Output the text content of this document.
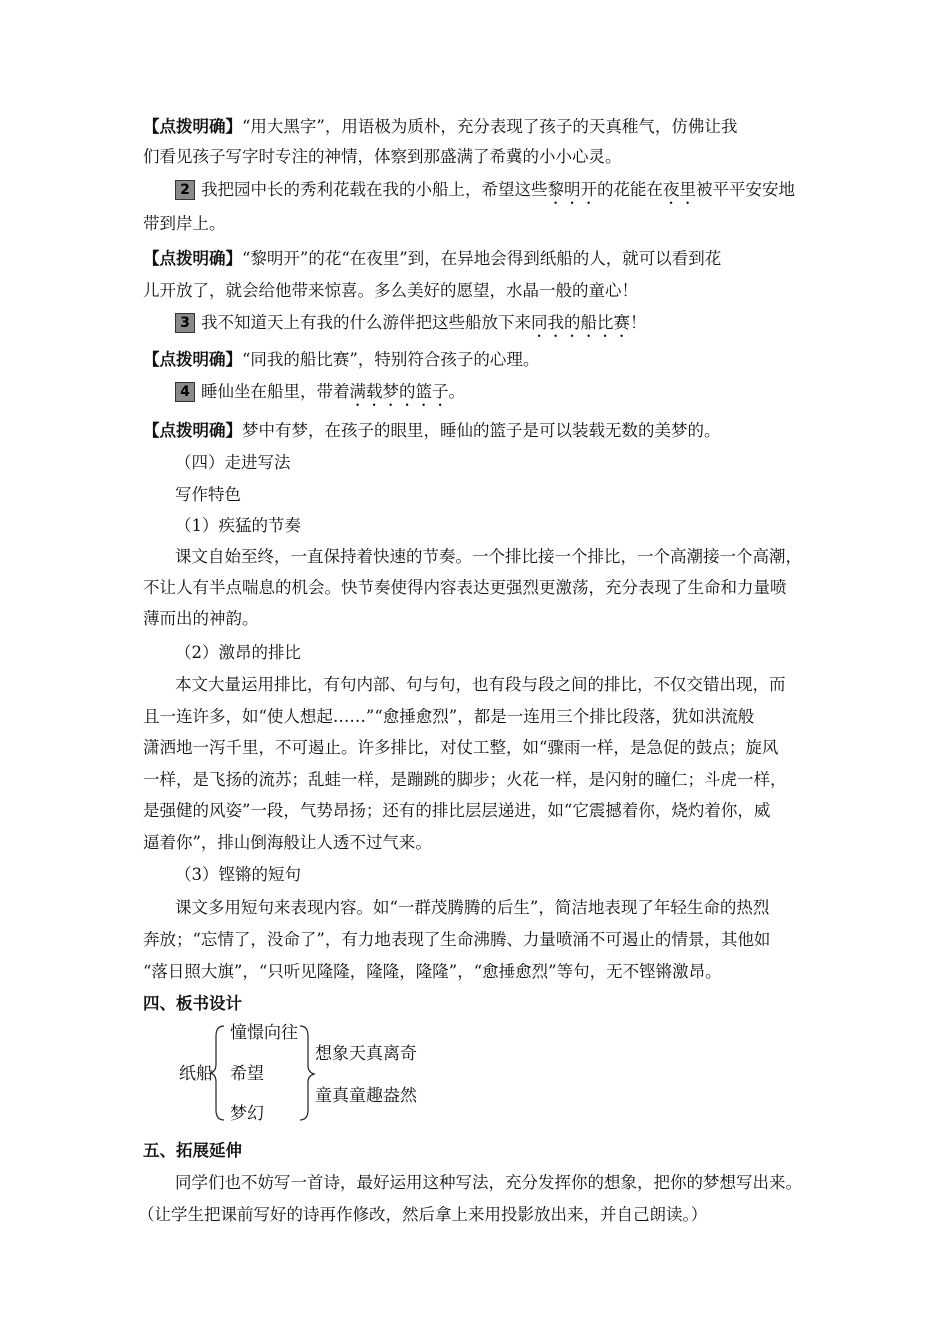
【点拨明确】“用大黑字”，用语极为质朴，充分表现了孩子的天真稚气，仿佛让我
们看见孩子写字时专注的神情，体察到那盛满了希冀的小小心灵。
2 我把园中长的秀利花载在我的小船上，希望这些黎明开的花能在夜里被平平安安地
带到岸上。
【点拨明确】“黎明开”的花“在夜里”到，在异地会得到纸船的人，就可以看到花
儿开放了，就会给他带来惊喜。多么美好的愿望，水晶一般的童心！
3 我不知道天上有我的什么游伴把这些船放下来同我的船比赛！
【点拨明确】“同我的船比赛”，特别符合孩子的心理。
4 睡仙坐在船里，带着满载梦的篮子。
【点拨明确】梦中有梦，在孩子的眼里，睡仙的篮子是可以装载无数的美梦的。
（四）走进写法
写作特色
（1）疾猛的节奏
课文自始至终，一直保持着快速的节奏。一个排比接一个排比，一个高潮接一个高潮，
不让人有半点喘息的机会。快节奏使得内容表达更强烈更激荡，充分表现了生命和力量喷
薄而出的神韵。
（2）激昂的排比
本文大量运用排比，有句内部、句与句，也有段与段之间的排比，不仅交错出现，而
且一连许多，如“使人想起……”“愈捶愈烈”，都是一连用三个排比段落，犹如洪流般
潇洒地一泻千里，不可遏止。许多排比，对仗工整，如“骤雨一样，是急促的鼓点；旋风
一样，是飞扬的流苏；乱蛙一样，是蹦跳的脚步；火花一样，是闪射的瞳仁；斗虎一样，
是强健的风姿”一段，气势昂扬；还有的排比层层递进，如“它震撼着你，烧灼着你，威
逼着你”，排山倒海般让人透不过气来。
（3）铿锵的短句
课文多用短句来表现内容。如“一群茂腾腾的后生”，简洁地表现了年轻生命的热烈
奔放；“忘情了，没命了”，有力地表现了生命沸腾、力量喷涌不可遏止的情景，其他如
“落日照大旗”，“只听见隆隆，隆隆，隆隆”，“愈捶愈烈”等句，无不铿锵激昂。
四、板书设计
纸船
憧憬向往
希望
梦幻
想象天真离奇
童真童趣盎然
五、拓展延伸
同学们也不妨写一首诗，最好运用这种写法，充分发挥你的想象，把你的梦想写出来。
（让学生把课前写好的诗再作修改，然后拿上来用投影放出来，并自己朗读。）
